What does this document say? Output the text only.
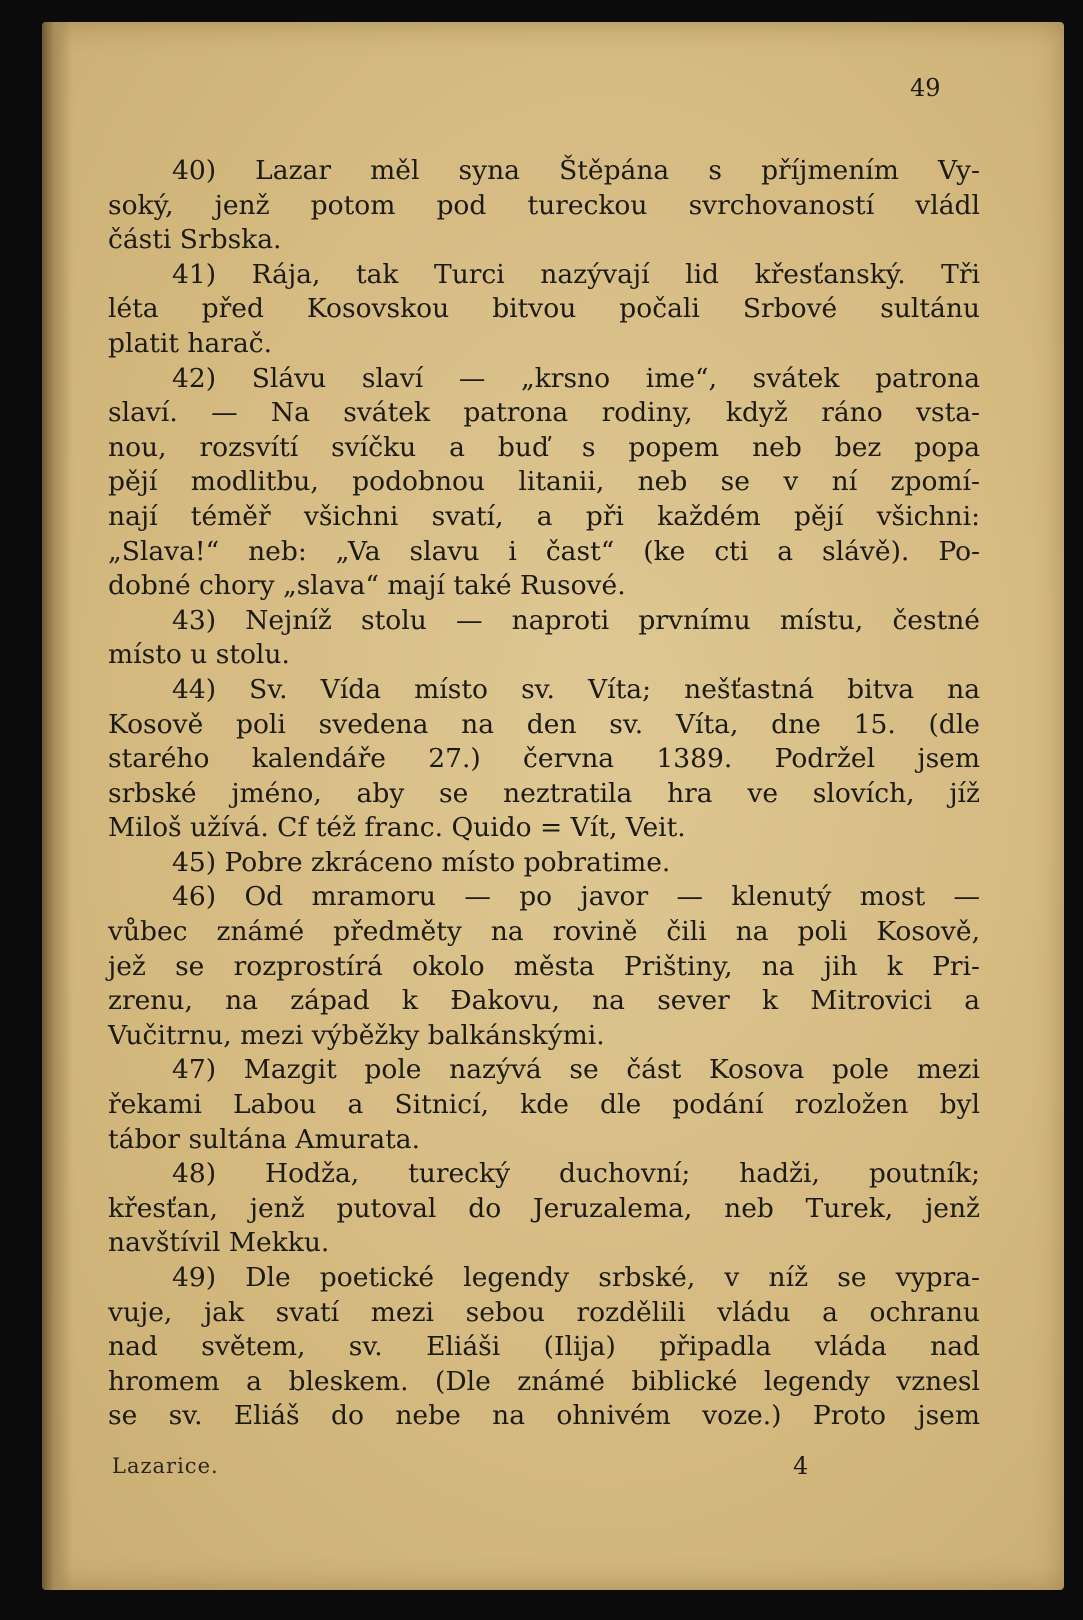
49
40) Lazar měl syna Štěpána s příjmením Vy-
soký, jenž potom pod tureckou svrchovaností vládl
části Srbska.
41) Rája, tak Turci nazývají lid křesťanský. Tři
léta před Kosovskou bitvou počali Srbové sultánu
platit harač.
42) Slávu slaví — „krsno ime“, svátek patrona
slaví. — Na svátek patrona rodiny, když ráno vsta-
nou, rozsvítí svíčku a buď s popem neb bez popa
pějí modlitbu, podobnou litanii, neb se v ní zpomí-
nají téměř všichni svatí, a při každém pějí všichni:
„Slava!“ neb: „Va slavu i čast“ (ke cti a slávě). Po-
dobné chory „slava“ mají také Rusové.
43) Nejníž stolu — naproti prvnímu místu, čestné
místo u stolu.
44) Sv. Vída místo sv. Víta; nešťastná bitva na
Kosově poli svedena na den sv. Víta, dne 15. (dle
starého kalendáře 27.) června 1389. Podržel jsem
srbské jméno, aby se neztratila hra ve slovích, jíž
Miloš užívá. Cf též franc. Quido = Vít, Veit.
45) Pobre zkráceno místo pobratime.
46) Od mramoru — po javor — klenutý most —
vůbec známé předměty na rovině čili na poli Kosově,
jež se rozprostírá okolo města Prištiny, na jih k Pri-
zrenu, na západ k Đakovu, na sever k Mitrovici a
Vučitrnu, mezi výběžky balkánskými.
47) Mazgit pole nazývá se část Kosova pole mezi
řekami Labou a Sitnicí, kde dle podání rozložen byl
tábor sultána Amurata.
48) Hodža, turecký duchovní; hadži, poutník;
křesťan, jenž putoval do Jeruzalema, neb Turek, jenž
navštívil Mekku.
49) Dle poetické legendy srbské, v níž se vypra-
vuje, jak svatí mezi sebou rozdělili vládu a ochranu
nad světem, sv. Eliáši (Ilija) připadla vláda nad
hromem a bleskem. (Dle známé biblické legendy vznesl
se sv. Eliáš do nebe na ohnivém voze.) Proto jsem
Lazarice.	4
